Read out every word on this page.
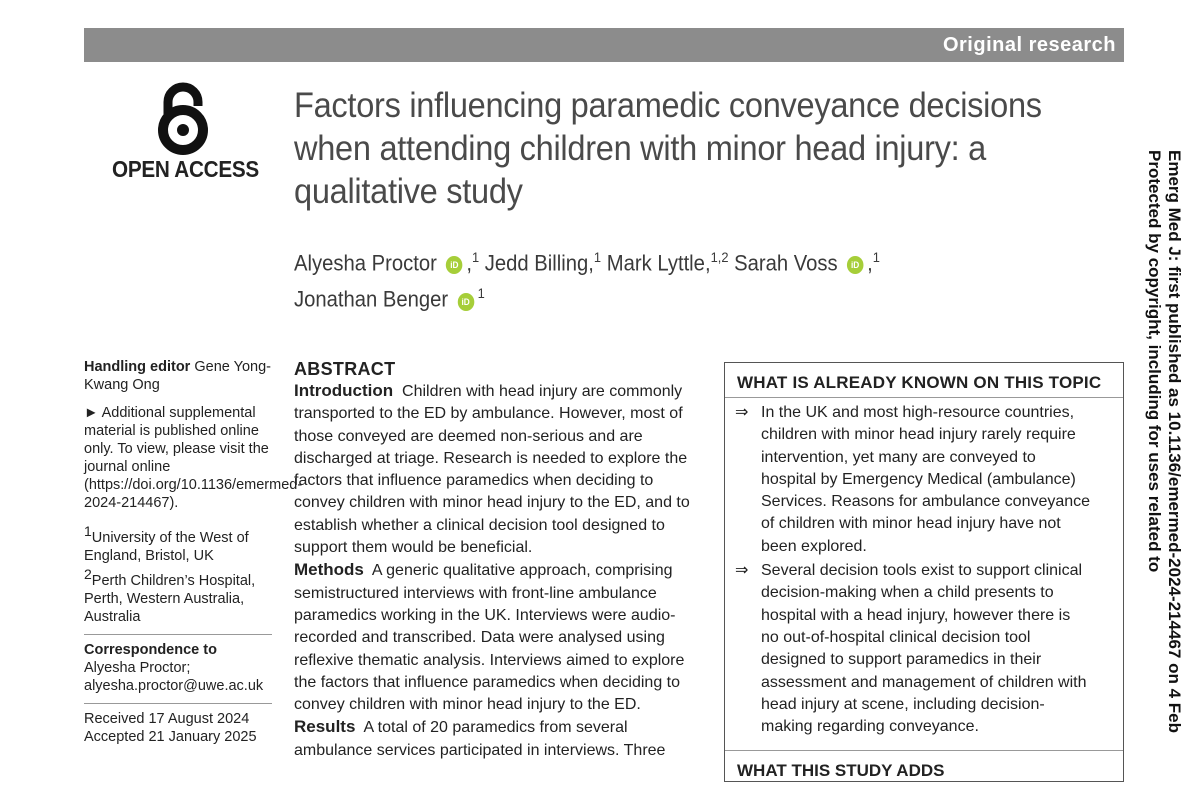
Original research
OPEN ACCESS
Factors influencing paramedic conveyance decisions when attending children with minor head injury: a qualitative study
Alyesha Proctor iD ,$^1$ Jedd Billing,$^1$ Mark Lyttle,$^{1,2}$ Sarah Voss iD ,$^1$
Jonathan Benger $iD^1$

Handling editor Gene Yong-Kwang Ong

► Additional supplemental material is published online only. To view, please visit the journal online (https://doi.org/10.1136/emermed-2024-214467).

$^1$University of the West of England, Bristol, UK

$^2$Perth Children’s Hospital, Perth, Western Australia, Australia

Correspondence to

Alyesha Proctor;

alyesha.proctor@uwe.ac.uk

Received 17 August 2024

Accepted 21 January 2025

ABSTRACT

Introduction Children with head injury are commonly transported to the ED by ambulance. However, most of those conveyed are deemed non-serious and are discharged at triage. Research is needed to explore the factors that influence paramedics when deciding to convey children with minor head injury to the ED, and to establish whether a clinical decision tool designed to support them would be beneficial.

Methods A generic qualitative approach, comprising semistructured interviews with front-line ambulance paramedics working in the UK. Interviews were audio-recorded and transcribed. Data were analysed using reflexive thematic analysis. Interviews aimed to explore the factors that influence paramedics when deciding to convey children with minor head injury to the ED.

Results A total of 20 paramedics from several ambulance services participated in interviews. Three

WHAT IS ALREADY KNOWN ON THIS TOPIC
⇒ In the UK and most high-resource countries, children with minor head injury rarely require intervention, yet many are conveyed to hospital by Emergency Medical (ambulance) Services. Reasons for ambulance conveyance of children with minor head injury have not been explored.
⇒ Several decision tools exist to support clinical decision-making when a child presents to hospital with a head injury, however there is no out-of-hospital clinical decision tool designed to support paramedics in their assessment and management of children with head injury at scene, including decision-making regarding conveyance.
WHAT THIS STUDY ADDS
Emerg Med J: first published as 10.1136/emermed-2024-214467 on 4 Feb
Protected by copyright, including for uses related to
